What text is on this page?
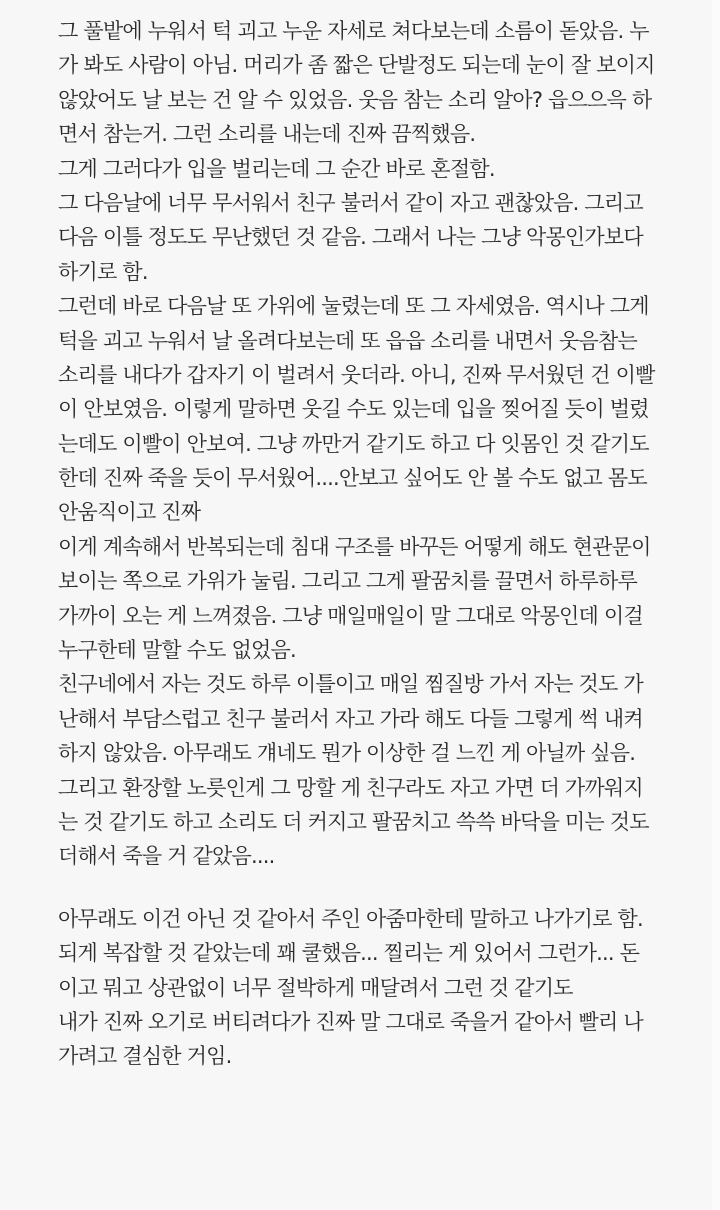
그 풀밭에 누워서 턱 괴고 누운 자세로 쳐다보는데 소름이 돋았음. 누
가 봐도 사람이 아님. 머리가 좀 짧은 단발정도 되는데 눈이 잘 보이지
않았어도 날 보는 건 알 수 있었음. 웃음 참는 소리 알아? 읍으으윽 하
면서 참는거. 그런 소리를 내는데 진짜 끔찍했음.
그게 그러다가 입을 벌리는데 그 순간 바로 혼절함.
그 다음날에 너무 무서워서 친구 불러서 같이 자고 괜찮았음. 그리고
다음 이틀 정도도 무난했던 것 같음. 그래서 나는 그냥 악몽인가보다
하기로 함.
그런데 바로 다음날 또 가위에 눌렸는데 또 그 자세였음. 역시나 그게
턱을 괴고 누워서 날 올려다보는데 또 읍읍 소리를 내면서 웃음참는
소리를 내다가 갑자기 이 벌려서 웃더라. 아니, 진짜 무서웠던 건 이빨
이 안보였음. 이렇게 말하면 웃길 수도 있는데 입을 찢어질 듯이 벌렸
는데도 이빨이 안보여. 그냥 까만거 같기도 하고 다 잇몸인 것 같기도
한데 진짜 죽을 듯이 무서웠어....안보고 싶어도 안 볼 수도 없고 몸도
안움직이고 진짜
이게 계속해서 반복되는데 침대 구조를 바꾸든 어떻게 해도 현관문이
보이는 쪽으로 가위가 눌림. 그리고 그게 팔꿈치를 끌면서 하루하루
가까이 오는 게 느껴졌음. 그냥 매일매일이 말 그대로 악몽인데 이걸
누구한테 말할 수도 없었음.
친구네에서 자는 것도 하루 이틀이고 매일 찜질방 가서 자는 것도 가
난해서 부담스럽고 친구 불러서 자고 가라 해도 다들 그렇게 썩 내켜
하지 않았음. 아무래도 걔네도 뭔가 이상한 걸 느낀 게 아닐까 싶음.
그리고 환장할 노릇인게 그 망할 게 친구라도 자고 가면 더 가까워지
는 것 같기도 하고 소리도 더 커지고 팔꿈치고 쓱쓱 바닥을 미는 것도
더해서 죽을 거 같았음....
아무래도 이건 아닌 것 같아서 주인 아줌마한테 말하고 나가기로 함.
되게 복잡할 것 같았는데 꽤 쿨했음... 찔리는 게 있어서 그런가... 돈
이고 뭐고 상관없이 너무 절박하게 매달려서 그런 것 같기도
내가 진짜 오기로 버티려다가 진짜 말 그대로 죽을거 같아서 빨리 나
가려고 결심한 거임.
